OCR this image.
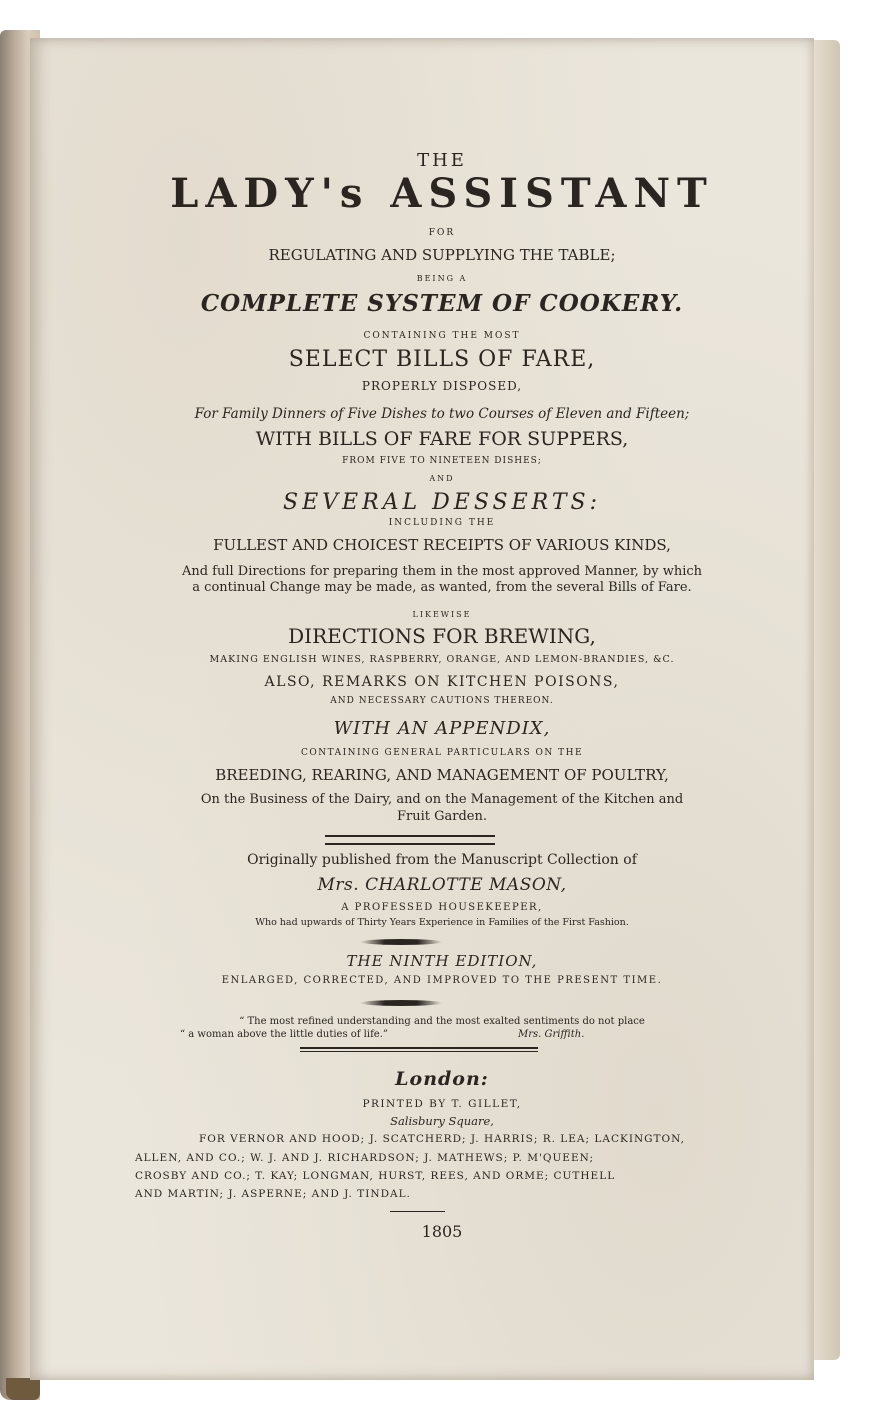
THE
LADY's ASSISTANT
FOR
REGULATING AND SUPPLYING THE TABLE;
BEING A
COMPLETE SYSTEM OF COOKERY.
CONTAINING THE MOST
SELECT BILLS OF FARE,
PROPERLY DISPOSED,
For Family Dinners of Five Dishes to two Courses of Eleven and Fifteen;
WITH BILLS OF FARE FOR SUPPERS,
FROM FIVE TO NINETEEN DISHES;
AND
SEVERAL DESSERTS:
INCLUDING THE
FULLEST AND CHOICEST RECEIPTS OF VARIOUS KINDS,
And full Directions for preparing them in the most approved Manner, by which
a continual Change may be made, as wanted, from the several Bills of Fare.
LIKEWISE
DIRECTIONS FOR BREWING,
MAKING ENGLISH WINES, RASPBERRY, ORANGE, AND LEMON-BRANDIES, &C.
ALSO, REMARKS ON KITCHEN POISONS,
AND NECESSARY CAUTIONS THEREON.
WITH AN APPENDIX,
CONTAINING GENERAL PARTICULARS ON THE
BREEDING, REARING, AND MANAGEMENT OF POULTRY,
On the Business of the Dairy, and on the Management of the Kitchen and
Fruit Garden.
Originally published from the Manuscript Collection of
Mrs. CHARLOTTE MASON,
A PROFESSED HOUSEKEEPER,
Who had upwards of Thirty Years Experience in Families of the First Fashion.
THE NINTH EDITION,
ENLARGED, CORRECTED, AND IMPROVED TO THE PRESENT TIME.
“ The most refined understanding and the most exalted sentiments do not place
“ a woman above the little duties of life.”	Mrs. Griffith.
London:
PRINTED BY T. GILLET,
Salisbury Square,
FOR VERNOR AND HOOD; J. SCATCHERD; J. HARRIS; R. LEA; LACKINGTON,
ALLEN, AND CO.; W. J. AND J. RICHARDSON; J. MATHEWS; P. M'QUEEN;
CROSBY AND CO.; T. KAY; LONGMAN, HURST, REES, AND ORME; CUTHELL
AND MARTIN; J. ASPERNE; AND J. TINDAL.
1805
